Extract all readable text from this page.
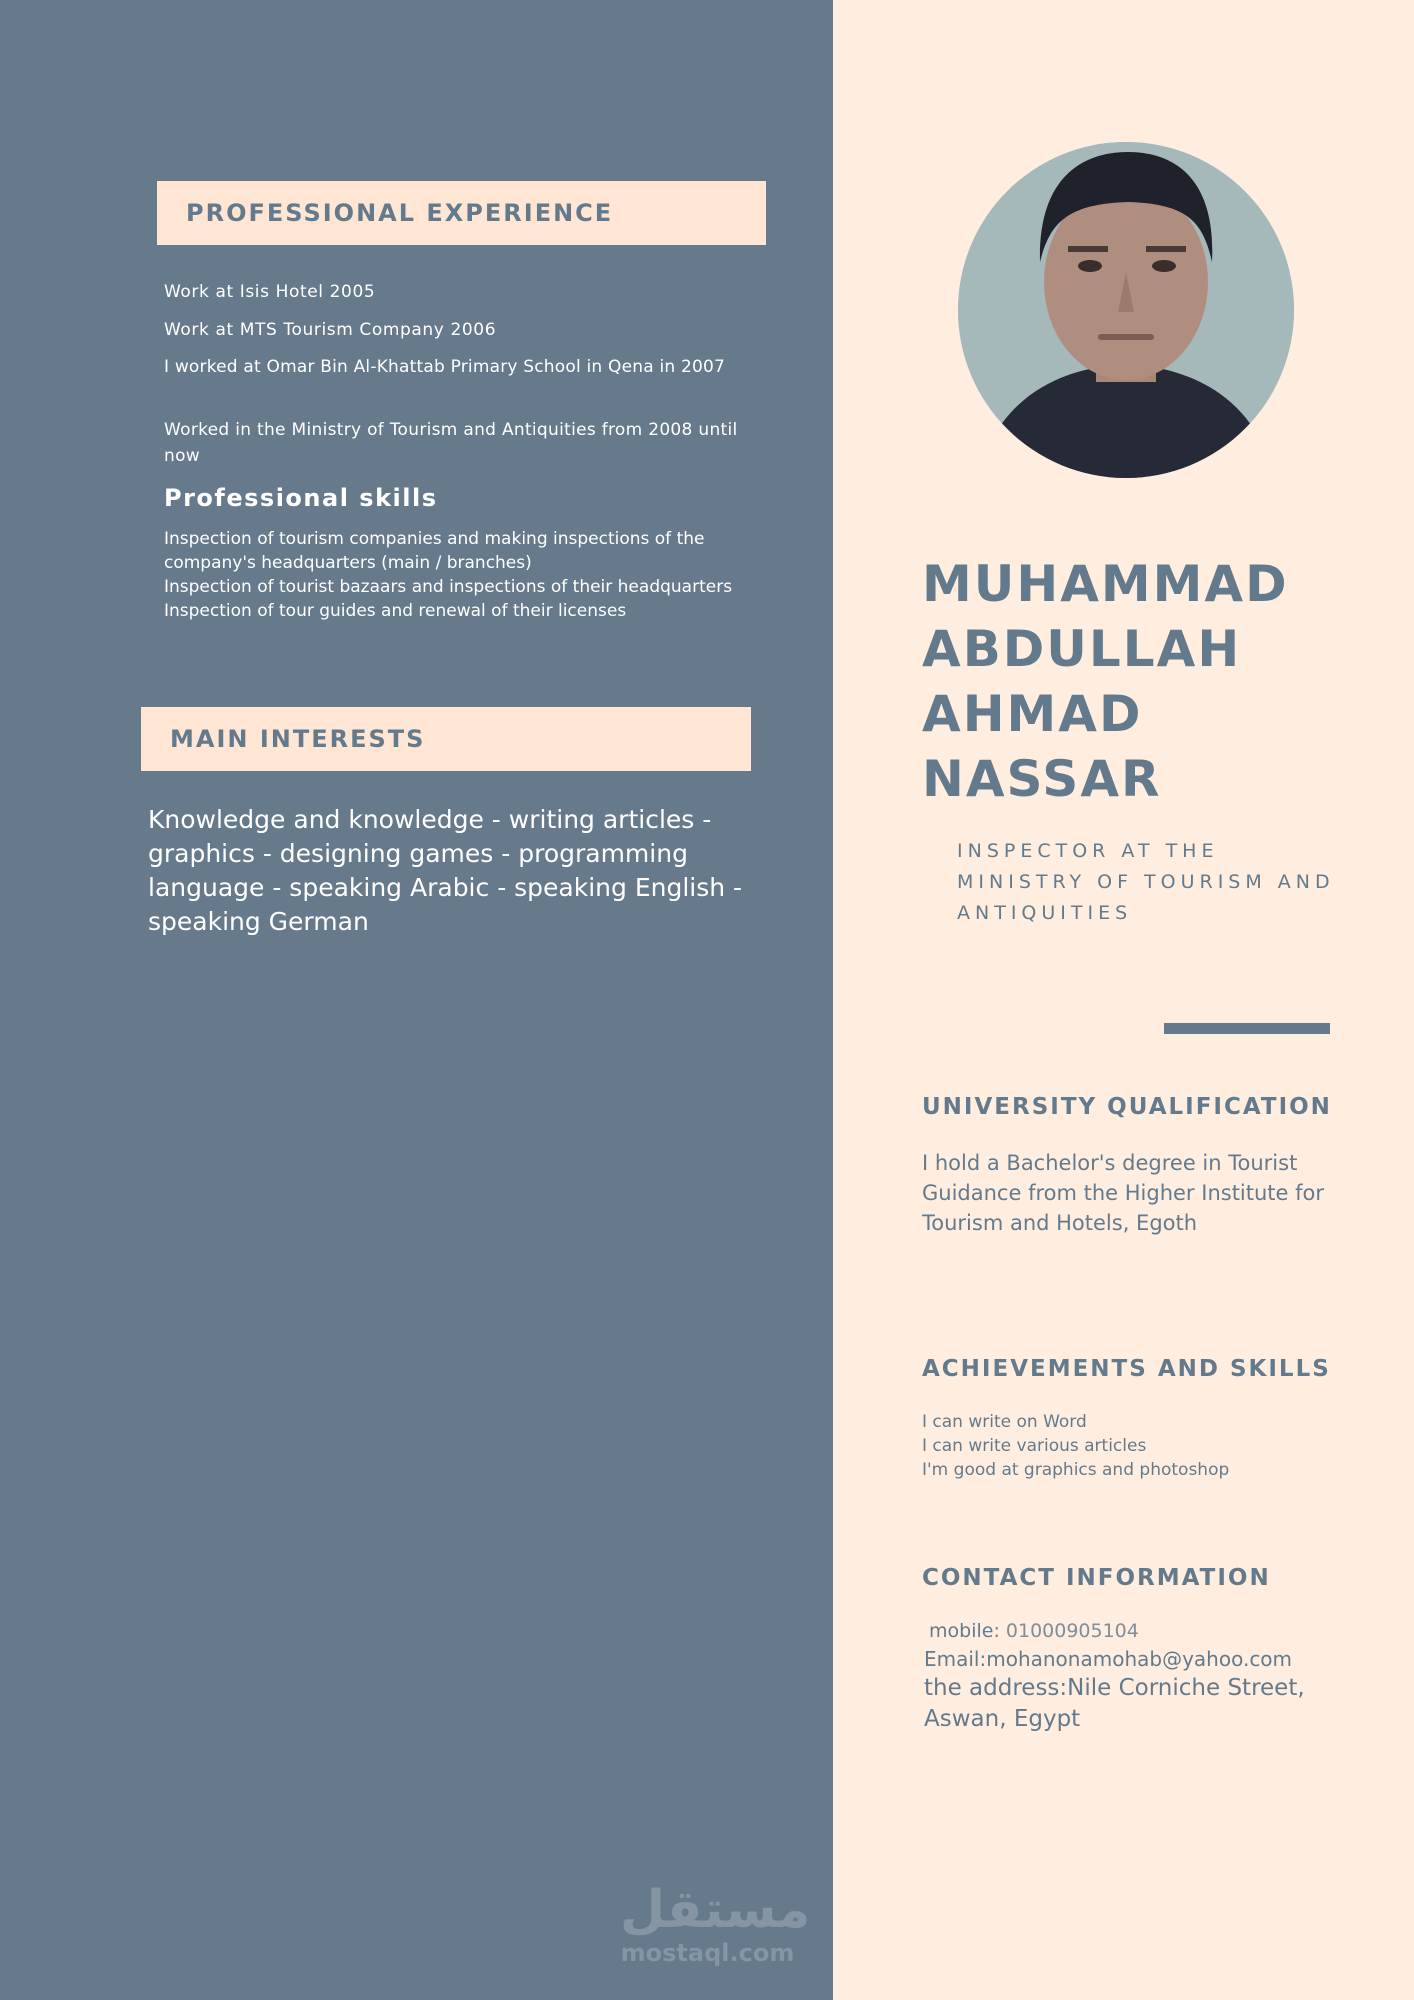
PROFESSIONAL EXPERIENCE
Work at Isis Hotel 2005
Work at MTS Tourism Company 2006
I worked at Omar Bin Al-Khattab Primary School in Qena in 2007
Worked in the Ministry of Tourism and Antiquities from 2008 until now
Professional skills
Inspection of tourism companies and making inspections of the
company's headquarters (main / branches)
Inspection of tourist bazaars and inspections of their headquarters
Inspection of tour guides and renewal of their licenses
MAIN INTERESTS
Knowledge and knowledge - writing articles - graphics - designing games - programming language - speaking Arabic - speaking English - speaking German
مستقل
mostaql.com
MUHAMMAD
ABDULLAH
AHMAD NASSAR
INSPECTOR AT THE
MINISTRY OF TOURISM AND
ANTIQUITIES
UNIVERSITY QUALIFICATION
I hold a Bachelor's degree in Tourist Guidance from the Higher Institute for Tourism and Hotels, Egoth
ACHIEVEMENTS AND SKILLS
I can write on Word
I can write various articles
I'm good at graphics and photoshop
CONTACT INFORMATION
mobile: 01000905104
Email:mohanonamohab@yahoo.com
the address:Nile Corniche Street, Aswan, Egypt
